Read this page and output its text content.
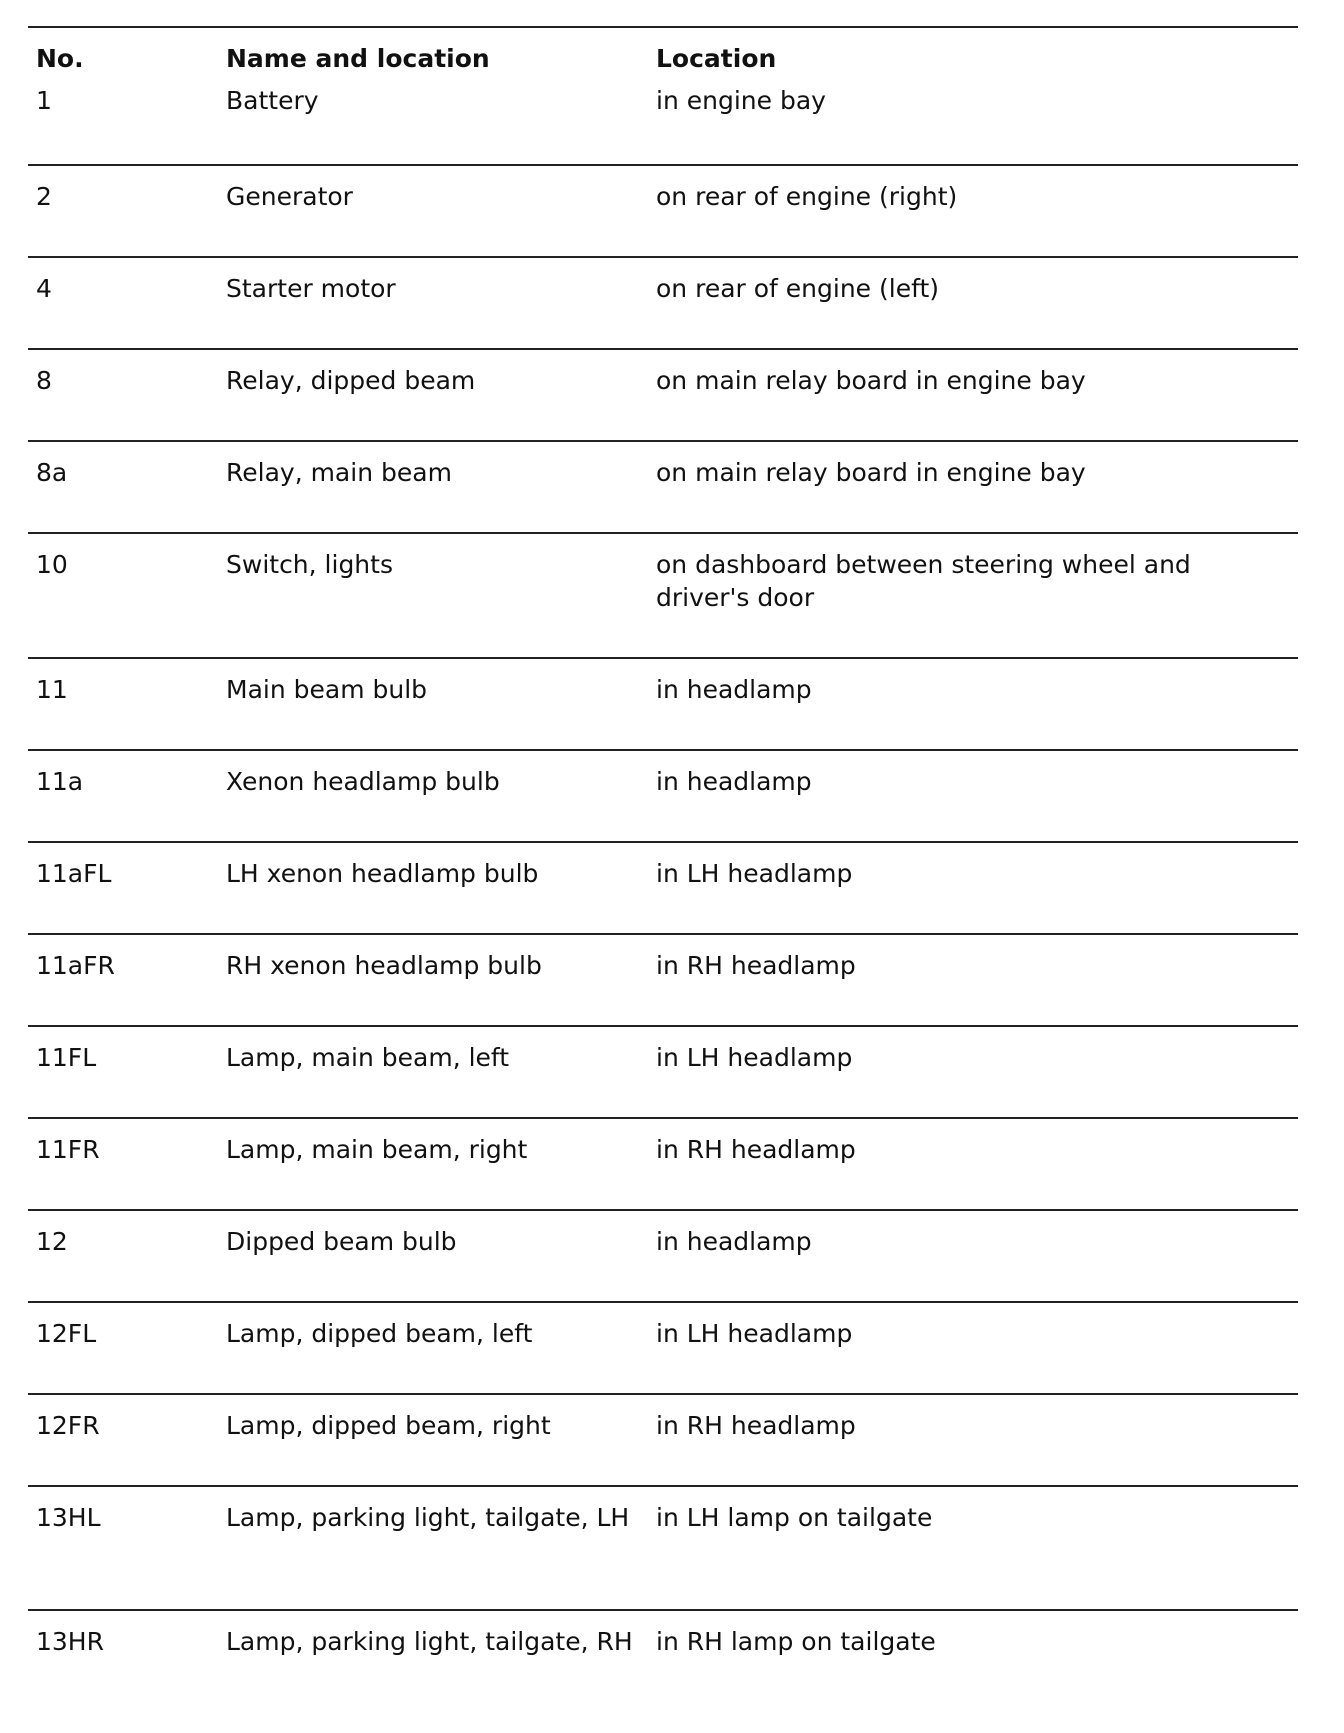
No.	Name and location	Location
1	Battery	in engine bay
2	Generator	on rear of engine (right)
4	Starter motor	on rear of engine (left)
8	Relay, dipped beam	on main relay board in engine bay
8a	Relay, main beam	on main relay board in engine bay
10	Switch, lights	on dashboard between steering wheel and driver's door
11	Main beam bulb	in headlamp
11a	Xenon headlamp bulb	in headlamp
11aFL	LH xenon headlamp bulb	in LH headlamp
11aFR	RH xenon headlamp bulb	in RH headlamp
11FL	Lamp, main beam, left	in LH headlamp
11FR	Lamp, main beam, right	in RH headlamp
12	Dipped beam bulb	in headlamp
12FL	Lamp, dipped beam, left	in LH headlamp
12FR	Lamp, dipped beam, right	in RH headlamp
13HL	Lamp, parking light, tailgate, LH	in LH lamp on tailgate
13HR	Lamp, parking light, tailgate, RH	in RH lamp on tailgate
